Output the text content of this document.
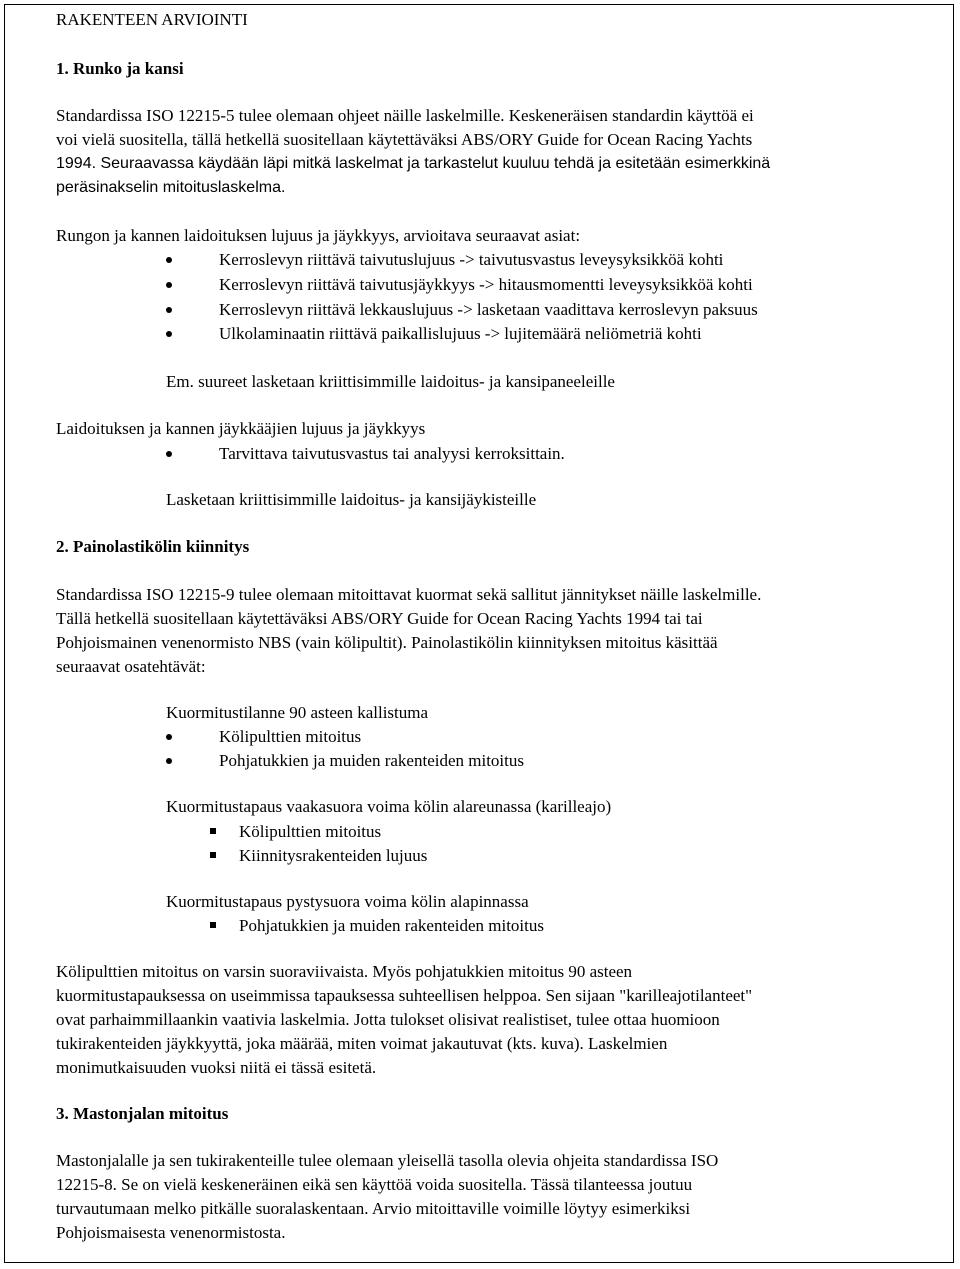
RAKENTEEN ARVIOINTI
1. Runko ja kansi
Standardissa ISO 12215-5 tulee olemaan ohjeet näille laskelmille. Keskeneräisen standardin käyttöä ei
voi vielä suositella, tällä hetkellä suositellaan käytettäväksi ABS/ORY Guide for Ocean Racing Yachts
1994. Seuraavassa käydään läpi mitkä laskelmat ja tarkastelut kuuluu tehdä ja esitetään esimerkkinä
peräsinakselin mitoituslaskelma.
Rungon ja kannen laidoituksen lujuus ja jäykkyys, arvioitava seuraavat asiat:
Kerroslevyn riittävä taivutuslujuus -> taivutusvastus leveysyksikköä kohti
Kerroslevyn riittävä taivutusjäykkyys -> hitausmomentti leveysyksikköä kohti
Kerroslevyn riittävä lekkauslujuus -> lasketaan vaadittava kerroslevyn paksuus
Ulkolaminaatin riittävä paikallislujuus -> lujitemäärä neliömetriä kohti
Em. suureet lasketaan kriittisimmille laidoitus- ja kansipaneeleille
Laidoituksen ja kannen jäykkääjien lujuus ja jäykkyys
Tarvittava taivutusvastus tai analyysi kerroksittain.
Lasketaan kriittisimmille laidoitus- ja kansijäykisteille
2. Painolastikölin kiinnitys
Standardissa ISO 12215-9 tulee olemaan mitoittavat kuormat sekä sallitut jännitykset näille laskelmille.
Tällä hetkellä suositellaan käytettäväksi ABS/ORY Guide for Ocean Racing Yachts 1994 tai tai
Pohjoismainen venenormisto NBS (vain kölipultit). Painolastikölin kiinnityksen mitoitus käsittää
seuraavat osatehtävät:
Kuormitustilanne 90 asteen kallistuma
Kölipulttien mitoitus
Pohjatukkien ja muiden rakenteiden mitoitus
Kuormitustapaus vaakasuora voima kölin alareunassa (karilleajo)
Kölipulttien mitoitus
Kiinnitysrakenteiden lujuus
Kuormitustapaus pystysuora voima kölin alapinnassa
Pohjatukkien ja muiden rakenteiden mitoitus
Kölipulttien mitoitus on varsin suoraviivaista. Myös pohjatukkien mitoitus 90 asteen
kuormitustapauksessa on useimmissa tapauksessa suhteellisen helppoa. Sen sijaan "karilleajotilanteet"
ovat parhaimmillaankin vaativia laskelmia. Jotta tulokset olisivat realistiset, tulee ottaa huomioon
tukirakenteiden jäykkyyttä, joka määrää, miten voimat jakautuvat (kts. kuva). Laskelmien
monimutkaisuuden vuoksi niitä ei tässä esitetä.
3. Mastonjalan mitoitus
Mastonjalalle ja sen tukirakenteille tulee olemaan yleisellä tasolla olevia ohjeita standardissa ISO
12215-8. Se on vielä keskeneräinen eikä sen käyttöä voida suositella. Tässä tilanteessa joutuu
turvautumaan melko pitkälle suoralaskentaan. Arvio mitoittaville voimille löytyy esimerkiksi
Pohjoismaisesta venenormistosta.
